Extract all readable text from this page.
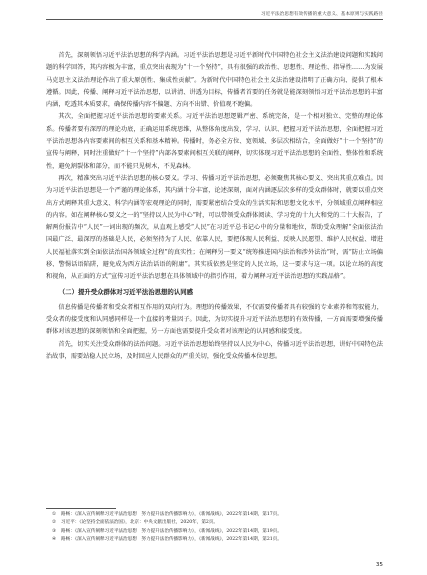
习近平法治思想有效传播的重大意义、基本原则与实践路径

首先，深刻领悟习近平法治思想的科学内涵。习近平法治思想是习近平新时代中国特色社会主义法治建设问题和实践问题的科学回答，其内容极为丰富，重点突出表现为“十一个坚持”，具有很强的政治性、思想性、理论性、指导性……为发展马克思主义法治理论作出了重大原创性、集成性贡献”。为新时代中国特色社会主义法治建设指明了正确方向、提供了根本遵循。因此，传播、阐释习近平法治思想，以讲清、讲透为目标，传播者首要的任务就是能深刻领悟习近平法治思想的丰富内涵，吃透其本质要求，确保传播内容不偏题、方向不出错、价值观不跑偏。

其次，全面把握习近平法治思想的要素关系。习近平法治思想逻辑严密、系统完备，是一个相对独立、完整的理论体系。传播者要有深厚的理论功底，正确运用系统思维，从整体角度出发，学习、认识、把握习近平法治思想，全面把握习近平法治思想各内容要素间的相互关系和基本精神。传播时，务必全方位、宽领域、多层次相结合，全面做好“十一个坚持”的宣传与阐释，同时注重做好“十一个坚持”内部各要素间相互关联的阐释，切实体现习近平法治思想的全面性、整体性和系统性，避免割裂体和部分，而不能只见树木，不见森林。

再次，精准突出习近平法治思想的核心要义。学习、传播习近平法治思想，必须聚焦其核心要义、突出其重点难点。因为习近平法治思想是一个严谨的理论体系，其内涵十分丰富，论述深刻，面对内涵逐层次多样的受众群体时，就要以重点突出方式阐释其重大意义、科学内涵等宏观理论的同时，需要紧密结合受众的生活实际和思想文化水平，分领域重点阐释相应的内容。如在阐释核心要义之一的“坚持以人民为中心”时，可以带领受众群体阅读、学习党的十九大和党的二十大报告，了解两份报告中“人民”一词出现的频次，从直观上感受“人民”在习近平总书记心中的分量和地位，帮助受众理解“全面依法治国最广泛、最深厚的基础是人民，必须坚持为了人民、依靠人民，要把体现人民利益、反映人民愿望、维护人民权益、增进人民福祉落实到全面依法治国各领域全过程”的真实性；在阐释另一要义“统筹推进国内法治和涉外法治”时，需“防止立场偏移、警惕话语陷阱，避免成为西方法治话语的附庸”。其实质依然是坚定的人民立场，这一要求与这一项。以论立场的高度和视角，从正面的方式“宣传习近平法治思想在具体领域中的指引作用，着力阐释习近平法治思想的实践品格”。

（二）提升受众群体对习近平法治思想的认同感

信息传播是传播者和受众者相互作用的双向行为。理想的传播效果，不仅需要传播者具有较强的专业素养和驾驭能力，受众者的接受度和认同感同样是一个直接的考量因子。因此，为切实提升习近平法治思想的有效传播，一方面需要增强传播群体对该思想的深刻领悟和全面把握，另一方面也需要提升受众者对该理论的认同感和接受度。

首先，切实关注受众群体的法治问题。习近平法治思想始终坚持以人民为中心，传播习近平法治思想，讲好中国特色法治故事，需要站稳人民立场，及时回应人民群众的严重关切，强化受众传播本位思想。

① 路畅：《深入宣传阐释习近平法治思想　努力提升法治传播影响力》，《新闻战线》，2022年第14期，第17页。

② 习近平：《论坚持全面依法治国》，北京：中央文献出版社，2020年，第2页。

③ 路畅：《深入宣传阐释习近平法治思想　努力提升法治传播影响力》，《新闻战线》，2022年第14期，第19页。

④ 路畅：《深入宣传阐释习近平法治思想　努力提升法治传播影响力》，《新闻战线》，2022年第14期，第21页。

35
